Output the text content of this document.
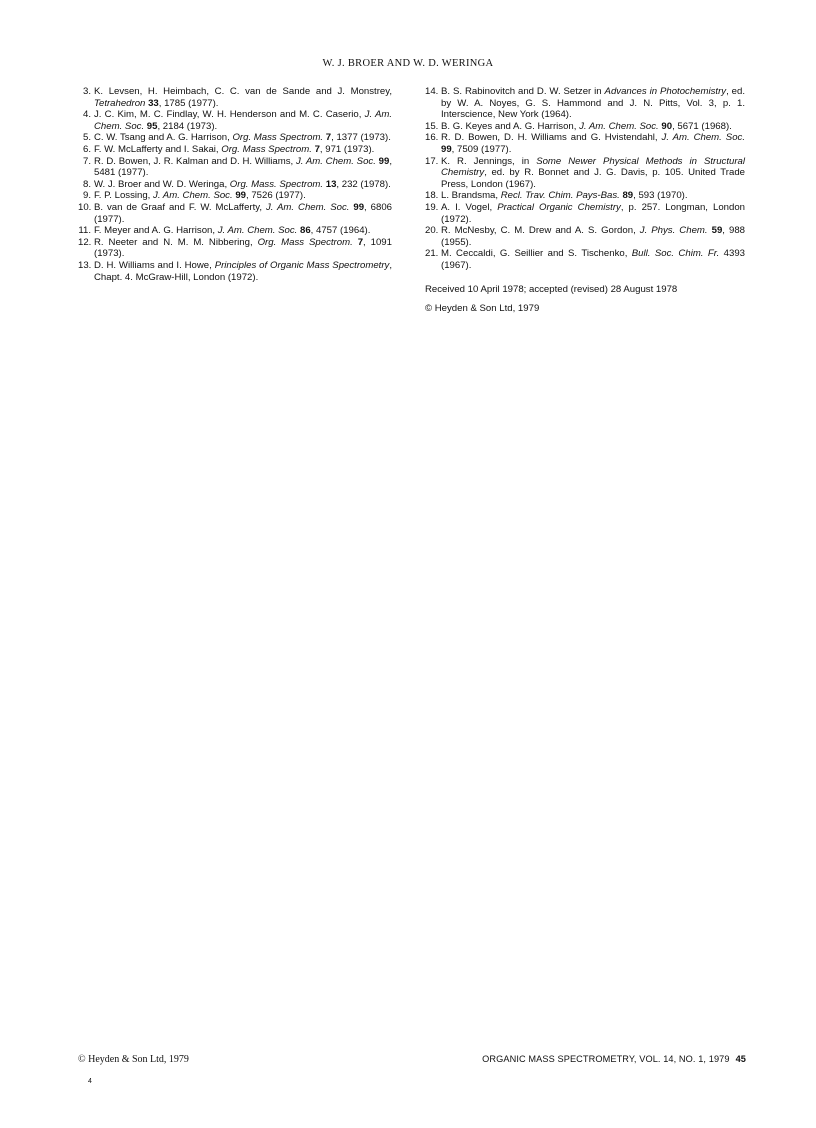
W. J. BROER AND W. D. WERINGA

3. K. Levsen, H. Heimbach, C. C. van de Sande and J. Monstrey, Tetrahedron 33, 1785 (1977).

4. J. C. Kim, M. C. Findlay, W. H. Henderson and M. C. Caserio, J. Am. Chem. Soc. 95, 2184 (1973).

5. C. W. Tsang and A. G. Harrison, Org. Mass Spectrom. 7, 1377 (1973).

6. F. W. McLafferty and I. Sakai, Org. Mass Spectrom. 7, 971 (1973).

7. R. D. Bowen, J. R. Kalman and D. H. Williams, J. Am. Chem. Soc. 99, 5481 (1977).

8. W. J. Broer and W. D. Weringa, Org. Mass. Spectrom. 13, 232 (1978).

9. F. P. Lossing, J. Am. Chem. Soc. 99, 7526 (1977).

10. B. van de Graaf and F. W. McLafferty, J. Am. Chem. Soc. 99, 6806 (1977).

11. F. Meyer and A. G. Harrison, J. Am. Chem. Soc. 86, 4757 (1964).

12. R. Neeter and N. M. M. Nibbering, Org. Mass Spectrom. 7, 1091 (1973).

13. D. H. Williams and I. Howe, Principles of Organic Mass Spectrometry, Chapt. 4. McGraw-Hill, London (1972).

14. B. S. Rabinovitch and D. W. Setzer in Advances in Photochemistry, ed. by W. A. Noyes, G. S. Hammond and J. N. Pitts, Vol. 3, p. 1. Interscience, New York (1964).

15. B. G. Keyes and A. G. Harrison, J. Am. Chem. Soc. 90, 5671 (1968).

16. R. D. Bowen, D. H. Williams and G. Hvistendahl, J. Am. Chem. Soc. 99, 7509 (1977).

17. K. R. Jennings, in Some Newer Physical Methods in Structural Chemistry, ed. by R. Bonnet and J. G. Davis, p. 105. United Trade Press, London (1967).

18. L. Brandsma, Recl. Trav. Chim. Pays-Bas. 89, 593 (1970).

19. A. I. Vogel, Practical Organic Chemistry, p. 257. Longman, London (1972).

20. R. McNesby, C. M. Drew and A. S. Gordon, J. Phys. Chem. 59, 988 (1955).

21. M. Ceccaldi, G. Seillier and S. Tischenko, Bull. Soc. Chim. Fr. 4393 (1967).

Received 10 April 1978; accepted (revised) 28 August 1978
© Heyden & Son Ltd, 1979
© Heyden & Son Ltd, 1979	ORGANIC MASS SPECTROMETRY, VOL. 14, NO. 1, 1979 45
4
